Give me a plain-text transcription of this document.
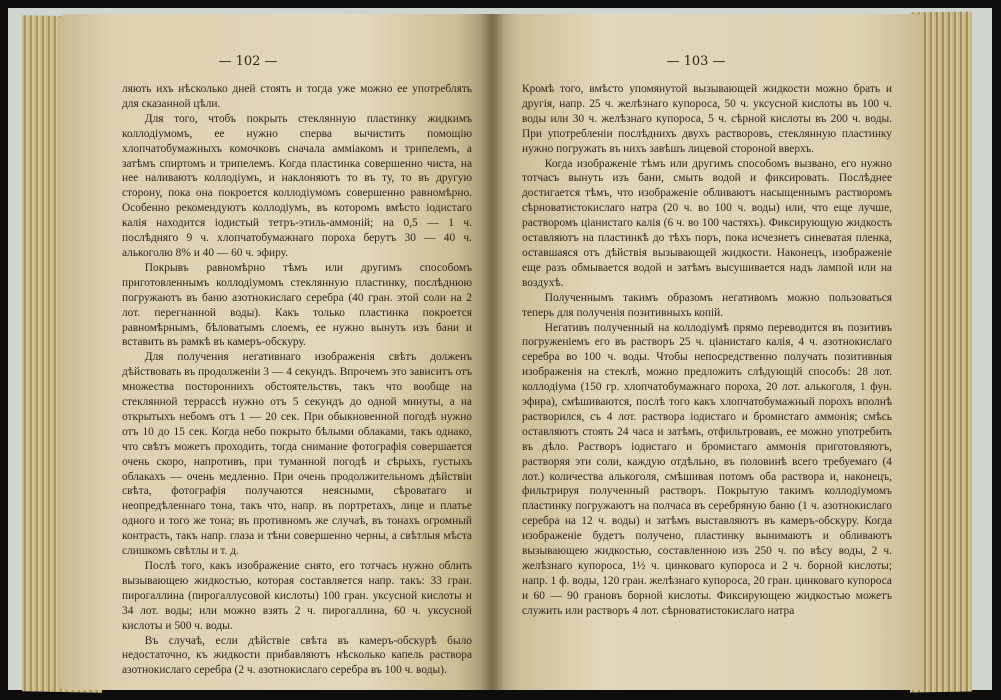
— 102 —

ляють ихъ нѣсколько дней стоять и тогда уже можно ее употреблять для сказанной цѣли.

Для того, чтобъ покрыть стеклянную пластинку жидкимъ коллодіумомъ, ее нужно сперва вычистить помощію хлопчатобумажныхъ комочковъ сначала аммiакомъ и трипелемъ, а затѣмъ спиртомъ и трипелемъ. Когда пластинка совершенно чиста, на нее наливаютъ коллодiумъ, и наклоняютъ то въ ту, то въ другую сторону, пока она покроется коллодiумомъ совершенно равномѣрно. Особенно рекомендуютъ коллодiумъ, въ которомъ вмѣсто iодистаго калія находится iодистый тетръ-этиль-аммоній; на 0,5 — 1 ч. послѣдняго 9 ч. хлопчатобумажнаго пороха берутъ 30 — 40 ч. алькоголю 8% и 40 — 60 ч. эфиру.

Покрывъ равномѣрно тѣмъ или другимъ способомъ приготовленнымъ коллодіумомъ стеклянную пластинку, послѣднюю погружаютъ въ баню азотнокислаго серебра (40 гран. этой соли на 2 лот. перегнанной воды). Какъ только пластинка покроется равномѣрнымъ, бѣловатымъ слоемъ, ее нужно вынуть изъ бани и вставить въ рамкѣ въ камеръ-обскуру.

Для получения негативнаго изображенія свѣтъ долженъ дѣйствовать въ продолженіи 3 — 4 секундъ. Впрочемъ это зависитъ отъ множества постороннихъ обстоятельствъ, такъ что вообще на стеклянной террассѣ нужно отъ 5 секундъ до одной минуты, а на открытыхъ небомъ отъ 1 — 20 сек. При обыкновенной погодѣ нужно отъ 10 до 15 сек. Когда небо покрыто бѣлыми облаками, такъ однако, что свѣтъ можетъ проходить, тогда снимание фотографія совершается очень скоро, напротивъ, при туманной погодѣ и сѣрыхъ, густыхъ облакахъ — очень медленно. При очень продолжительномъ дѣйствіи свѣта, фотографія получаются неясными, сѣроватаго и неопредѣленнаго тона, такъ что, напр. въ портретахъ, лице и платье одного и того же тона; въ противномъ же случаѣ, въ тонахъ огромный контрасть, такъ напр. глаза и тѣни совершенно черны, а свѣтлыя мѣста слишкомъ свѣтлы и т. д.

Послѣ того, какъ изображение снято, его тотчасъ нужно облить вызывающею жидкостью, которая составляется напр. такъ: 33 гран. пирогаллина (пирогаллусовой кислоты) 100 гран. уксусной кислоты и 34 лот. воды; или можно взять 2 ч. пирогаллина, 60 ч. уксусной кислоты и 500 ч. воды.

Въ случаѣ, если дѣйствіе свѣта въ камеръ-обскурѣ было недостаточно, къ жидкости прибавляютъ нѣсколько капель раствора азотнокислаго серебра (2 ч. азотнокислаго серебра въ 100 ч. воды).

— 103 —

Кромѣ того, вмѣсто упомянутой вызывающей жидкости можно брать и другія, напр. 25 ч. желѣзнаго купороса, 50 ч. уксусной кислоты въ 100 ч. воды или 30 ч. желѣзнаго купороса, 5 ч. сѣрной кислоты въ 200 ч. воды. При употребленіи послѣднихъ двухъ растворовъ, стеклянную пластинку нужно погружать въ нихъ завѣшъ лицевой стороной вверхъ.

Когда изображеніе тѣмъ или другимъ способомъ вызвано, его нужно тотчасъ вынуть изъ бани, смыть водой и фиксировать. Послѣднее достигается тѣмъ, что изображеніе обливаютъ насыщеннымъ растворомъ сѣрноватистокислаго натра (20 ч. во 100 ч. воды) или, что еще лучше, растворомъ цiанистаго калія (6 ч. во 100 частяхъ). Фиксирующую жидкость оставляютъ на пластинкѣ до тѣхъ поръ, пока исчезнетъ синеватая пленка, оставшаяся отъ дѣйствія вызывающей жидкости. Наконецъ, изображеніе еще разъ обмывается водой и затѣмъ высушивается надъ лампой или на воздухѣ.

Полученнымъ такимъ образомъ негативомъ можно пользоваться теперь для полученія позитивныхъ копій.

Негативъ полученный на коллодіумѣ прямо переводится въ позитивъ погруженіемъ его въ растворъ 25 ч. цiанистаго калія, 4 ч. азотнокислаго серебра во 100 ч. воды. Чтобы непосредственно получать позитивныя изображенія на стеклѣ, можно предложить слѣдующій способъ: 28 лот. коллодіума (150 гр. хлопчатобумажнаго пороха, 20 лот. алькоголя, 1 фун. эфира), смѣшиваются, послѣ того какъ хлопчатобумажный порохъ вполнѣ растворился, съ 4 лот. раствора iодистаго и бромистаго аммонія; смѣсь оставляютъ стоять 24 часа и затѣмъ, отфильтровавъ, ее можно употребить въ дѣло. Растворъ iодистаго и бромистаго аммонія приготовляютъ, растворяя эти соли, каждую отдѣльно, въ половинѣ всего требуемаго (4 лот.) количества алькоголя, смѣшивая потомъ оба раствора и, наконецъ, фильтрируя полученный растворъ. Покрытую такимъ коллодіумомъ пластинку погружаютъ на полчаса въ серебряную баню (1 ч. азотнокислаго серебра на 12 ч. воды) и затѣмъ выставляютъ въ камеръ-обскуру. Когда изображеніе будетъ получено, пластинку вынимаютъ и обливаютъ вызывающею жидкостью, составленною изъ 250 ч. по вѣсу воды, 2 ч. желѣзнаго купороса, 1½ ч. цинковаго купороса и 2 ч. борной кислоты; напр. 1 ф. воды, 120 гран. желѣзнаго купороса, 20 гран. цинковаго купороса и 60 — 90 грановъ борной кислоты. Фиксирующею жидкостью можетъ служить или растворъ 4 лот. сѣрноватистокислаго натра
